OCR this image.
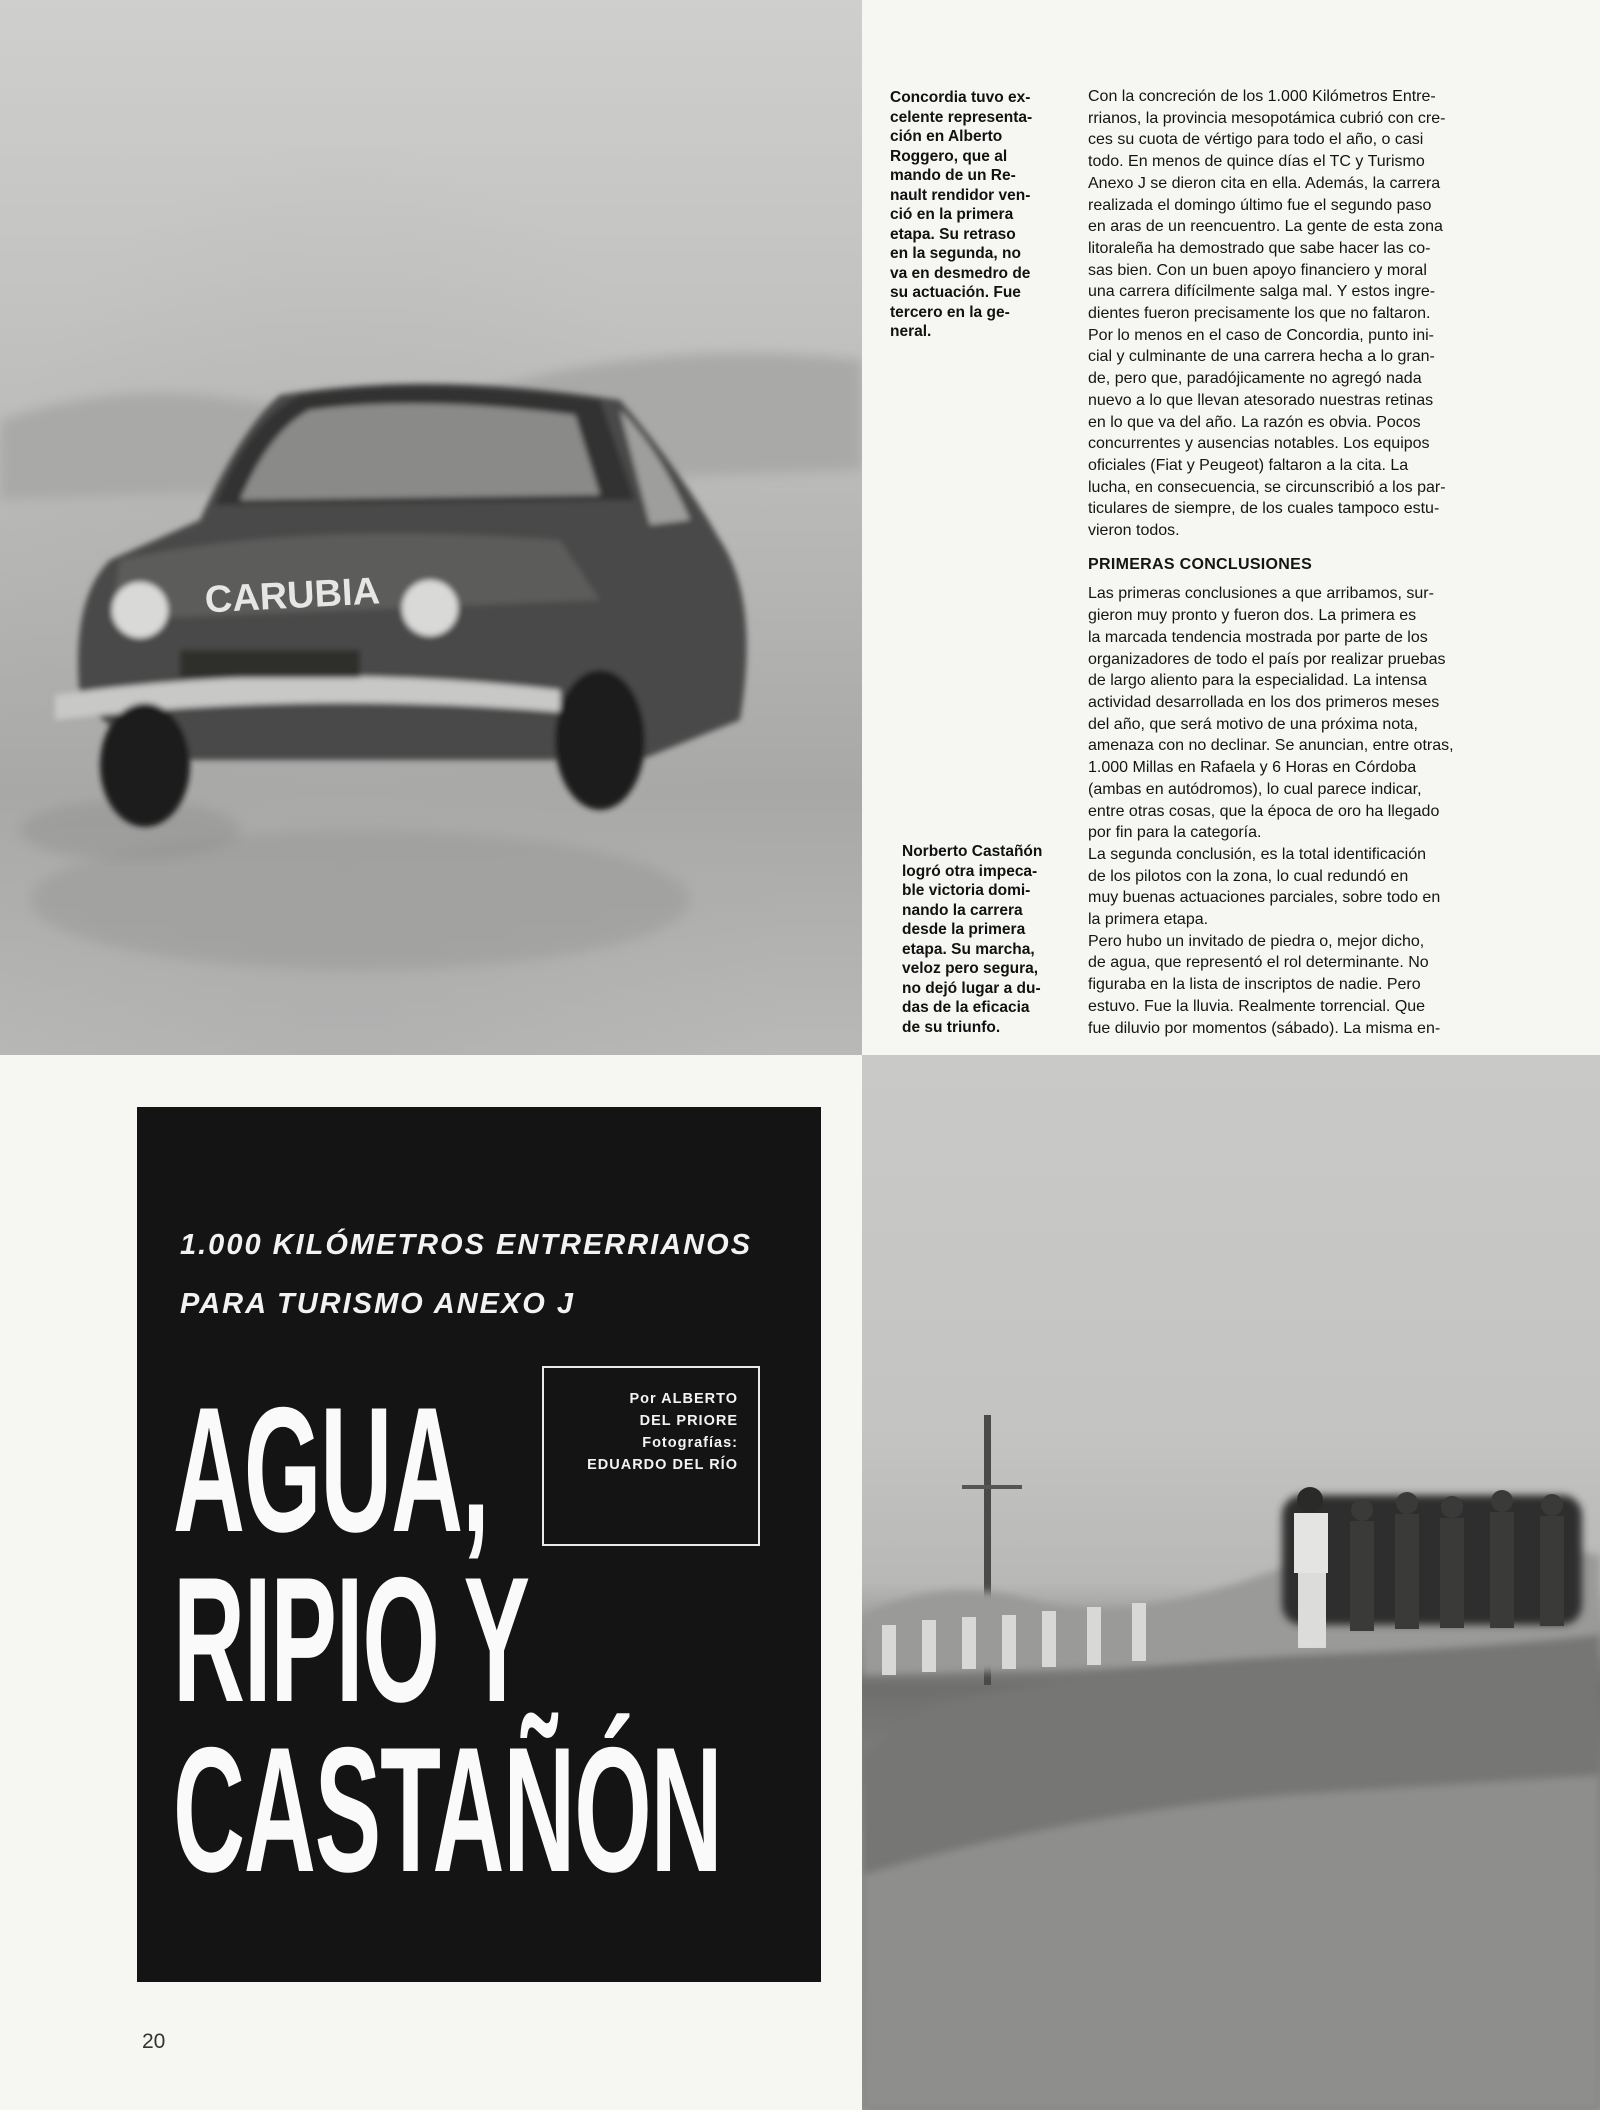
CARUBIA
Concordia tuvo ex-
celente representa-
ción en Alberto
Roggero, que al
mando de un Re-
nault rendidor ven-
ció en la primera
etapa. Su retraso
en la segunda, no
va en desmedro de
su actuación. Fue
tercero en la ge-
neral.
Norberto Castañón
logró otra impeca-
ble victoria domi-
nando la carrera
desde la primera
etapa. Su marcha,
veloz pero segura,
no dejó lugar a du-
das de la eficacia
de su triunfo.

Con la concreción de los 1.000 Kilómetros Entre-
rrianos, la provincia mesopotámica cubrió con cre-
ces su cuota de vértigo para todo el año, o casi
todo. En menos de quince días el TC y Turismo
Anexo J se dieron cita en ella. Además, la carrera
realizada el domingo último fue el segundo paso
en aras de un reencuentro. La gente de esta zona
litoraleña ha demostrado que sabe hacer las co-
sas bien. Con un buen apoyo financiero y moral
una carrera difícilmente salga mal. Y estos ingre-
dientes fueron precisamente los que no faltaron.
Por lo menos en el caso de Concordia, punto ini-
cial y culminante de una carrera hecha a lo gran-
de, pero que, paradójicamente no agregó nada
nuevo a lo que llevan atesorado nuestras retinas
en lo que va del año. La razón es obvia. Pocos
concurrentes y ausencias notables. Los equipos
oficiales (Fiat y Peugeot) faltaron a la cita. La
lucha, en consecuencia, se circunscribió a los par-
ticulares de siempre, de los cuales tampoco estu-
vieron todos.

PRIMERAS CONCLUSIONES

Las primeras conclusiones a que arribamos, sur-
gieron muy pronto y fueron dos. La primera es
la marcada tendencia mostrada por parte de los
organizadores de todo el país por realizar pruebas
de largo aliento para la especialidad. La intensa
actividad desarrollada en los dos primeros meses
del año, que será motivo de una próxima nota,
amenaza con no declinar. Se anuncian, entre otras,
1.000 Millas en Rafaela y 6 Horas en Córdoba
(ambas en autódromos), lo cual parece indicar,
entre otras cosas, que la época de oro ha llegado
por fin para la categoría.

La segunda conclusión, es la total identificación
de los pilotos con la zona, lo cual redundó en
muy buenas actuaciones parciales, sobre todo en
la primera etapa.

Pero hubo un invitado de piedra o, mejor dicho,
de agua, que representó el rol determinante. No
figuraba en la lista de inscriptos de nadie. Pero
estuvo. Fue la lluvia. Realmente torrencial. Que
fue diluvio por momentos (sábado). La misma en-

1.000 KILÓMETROS ENTRERRIANOS
PARA TURISMO ANEXO J
AGUA,
RIPIO Y
CASTAÑÓN
Por ALBERTO
DEL PRIORE
Fotografías:
EDUARDO DEL RÍO
20
